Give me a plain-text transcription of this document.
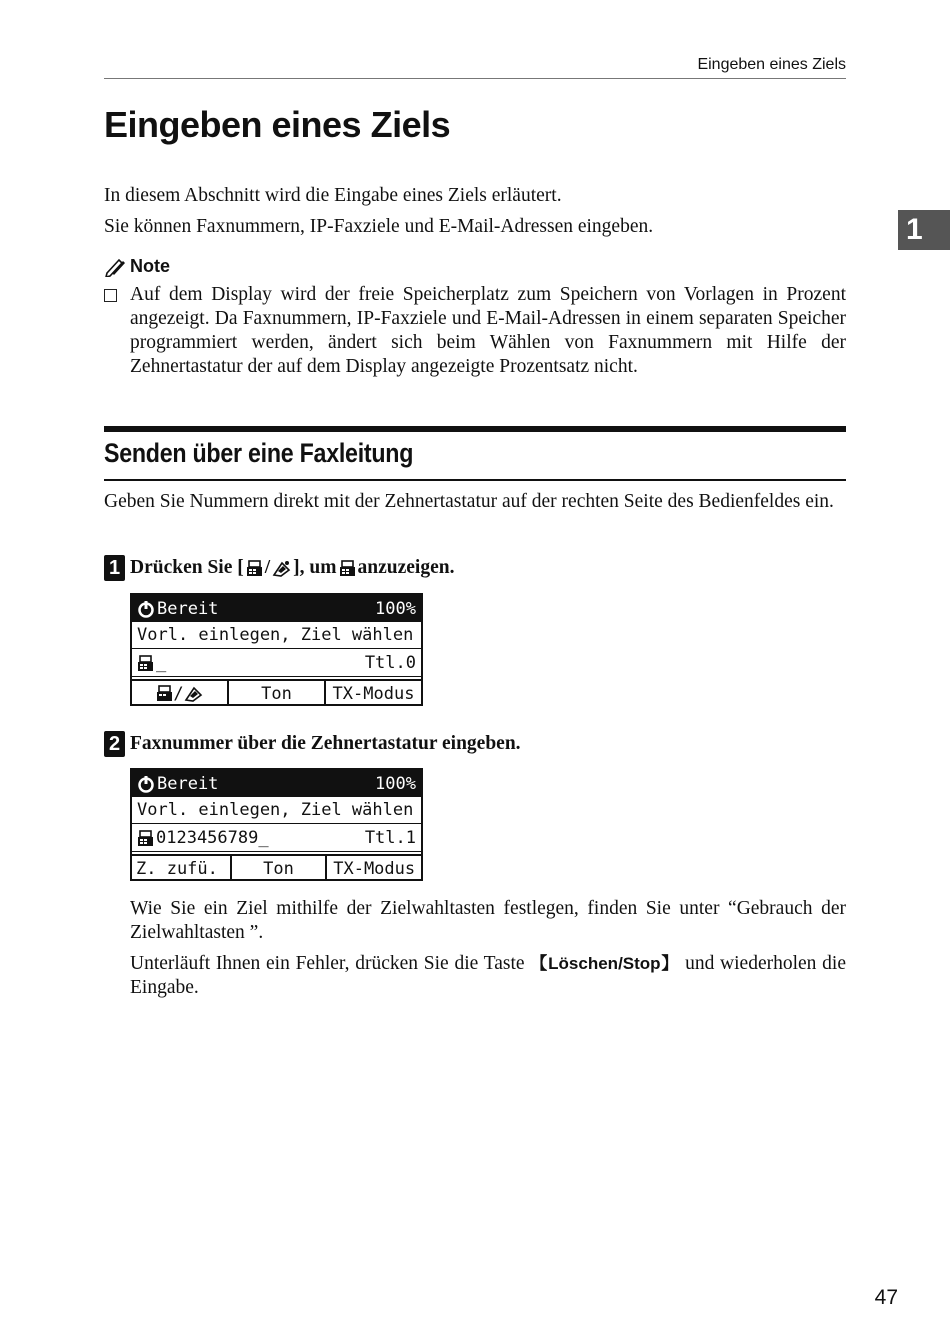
Eingeben eines Ziels
1
Eingeben eines Ziels

In diesem Abschnitt wird die Eingabe eines Ziels erläutert.

Sie können Faxnummern, IP-Faxziele und E-Mail-Adressen eingeben.

Note

Auf dem Display wird der freie Speicherplatz zum Speichern von Vorlagen in Prozent angezeigt. Da Faxnummern, IP-Faxziele und E-Mail-Adressen in einem separaten Speicher programmiert werden, ändert sich beim Wählen von Faxnummern mit Hilfe der Zehnertastatur der auf dem Display angezeigte Prozentsatz nicht.

Senden über eine Faxleitung

Geben Sie Nummern direkt mit der Zehnertastatur auf der rechten Seite des Bedienfeldes ein.

1 Drücken Sie [ / ], um anzuzeigen.
Bereit	100%
Vorl. einlegen, Ziel wählen
_	Ttl.0
/	Ton	TX-Modus
2 Faxnummer über die Zehnertastatur eingeben.
Bereit	100%
Vorl. einlegen, Ziel wählen
0123456789_	Ttl.1
Z. zufü.	Ton	TX-Modus

Wie Sie ein Ziel mithilfe der Zielwahltasten festlegen, finden Sie unter “Gebrauch der Zielwahltasten ”.

Unterläuft Ihnen ein Fehler, drücken Sie die Taste 【Löschen/Stop】 und wiederholen die Eingabe.

47
